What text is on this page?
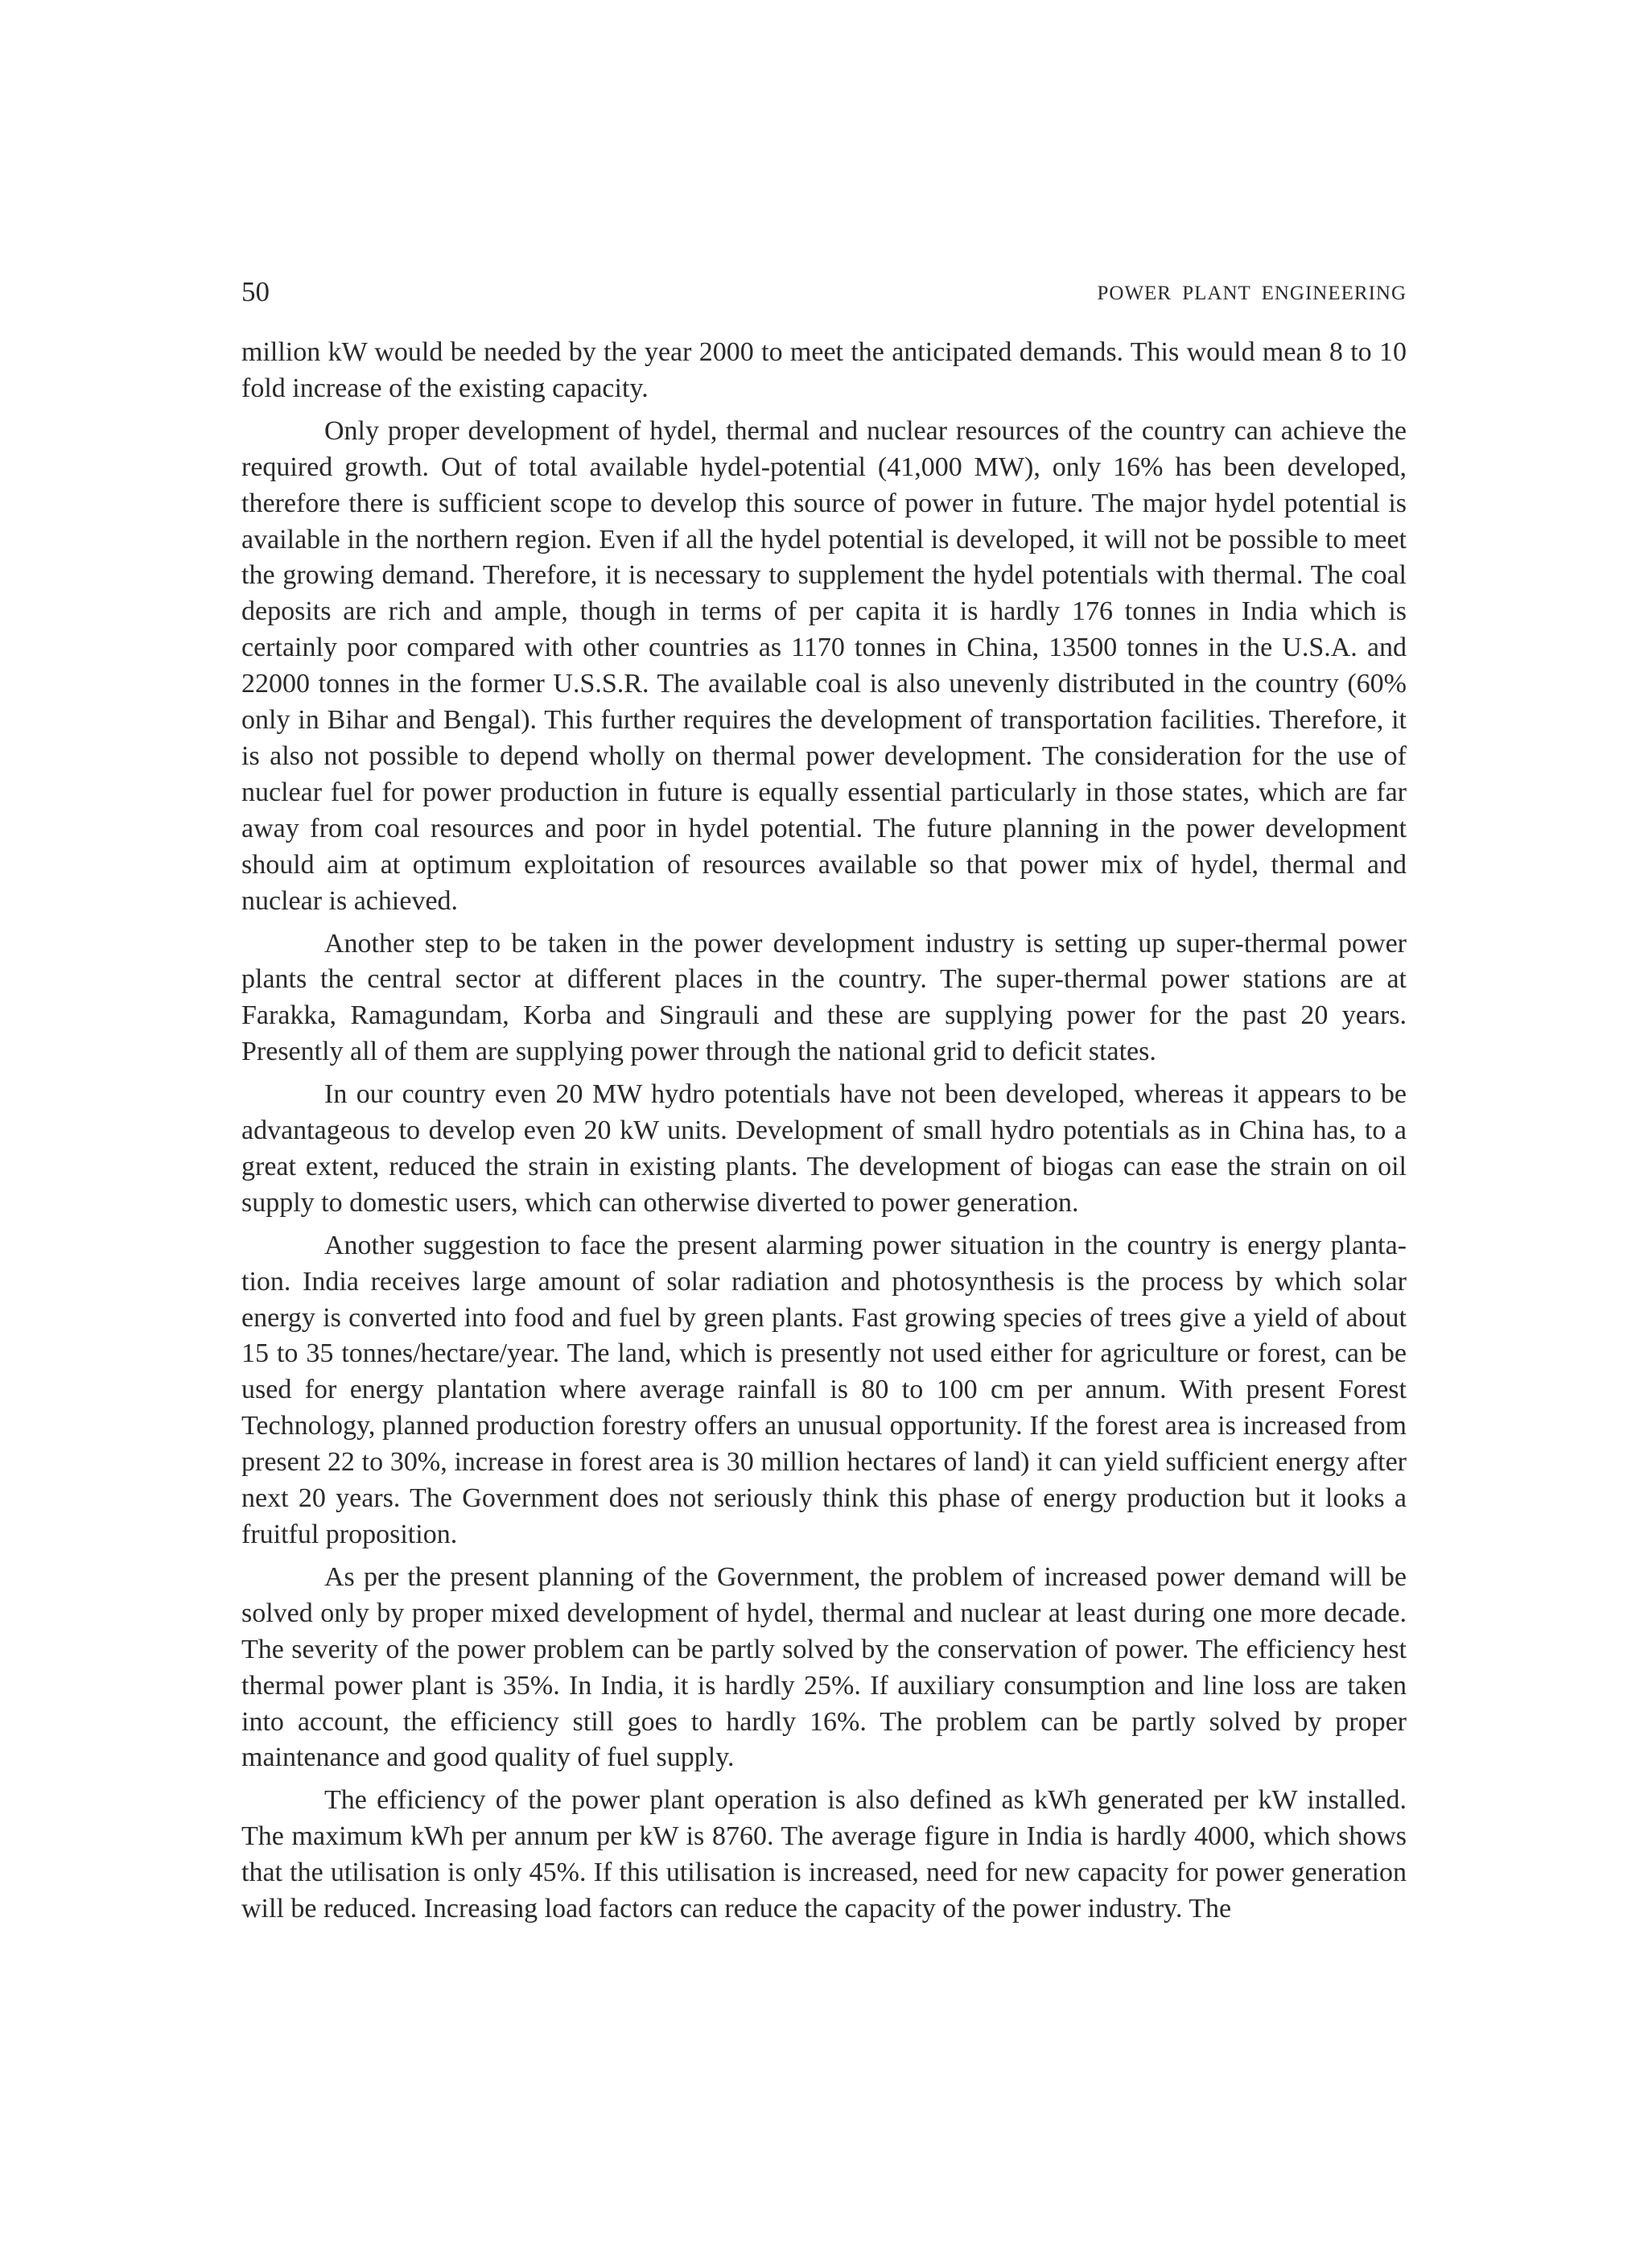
50	POWER PLANT ENGINEERING

million kW would be needed by the year 2000 to meet the anticipated demands. This would mean 8 to 10 fold increase of the existing capacity.

Only proper development of hydel, thermal and nuclear resources of the country can achieve the required growth. Out of total available hydel-potential (41,000 MW), only 16% has been developed, therefore there is sufficient scope to develop this source of power in future. The major hydel potential is available in the northern region. Even if all the hydel potential is developed, it will not be possible to meet the growing demand. Therefore, it is necessary to supplement the hydel potentials with thermal. The coal deposits are rich and ample, though in terms of per capita it is hardly 176 tonnes in India which is certainly poor compared with other countries as 1170 tonnes in China, 13500 tonnes in the U.S.A. and 22000 tonnes in the former U.S.S.R. The available coal is also unevenly distributed in the country (60% only in Bihar and Bengal). This further requires the development of transportation facilities. Therefore, it is also not possible to depend wholly on thermal power development. The consideration for the use of nuclear fuel for power production in future is equally essential particularly in those states, which are far away from coal resources and poor in hydel potential. The future planning in the power development should aim at optimum exploitation of resources available so that power mix of hydel, thermal and nuclear is achieved.

Another step to be taken in the power development industry is setting up super-thermal power plants the central sector at different places in the country. The super-thermal power stations are at Farakka, Ramagundam, Korba and Singrauli and these are supplying power for the past 20 years. Presently all of them are supplying power through the national grid to deficit states.

In our country even 20 MW hydro potentials have not been developed, whereas it appears to be advantageous to develop even 20 kW units. Development of small hydro potentials as in China has, to a great extent, reduced the strain in existing plants. The development of biogas can ease the strain on oil supply to domestic users, which can otherwise diverted to power generation.

Another suggestion to face the present alarming power situation in the country is energy plantation. India receives large amount of solar radiation and photosynthesis is the process by which solar energy is converted into food and fuel by green plants. Fast growing species of trees give a yield of about 15 to 35 tonnes/hectare/year. The land, which is presently not used either for agriculture or forest, can be used for energy plantation where average rainfall is 80 to 100 cm per annum. With present Forest Technology, planned production forestry offers an unusual opportunity. If the forest area is increased from present 22 to 30%, increase in forest area is 30 million hectares of land) it can yield sufficient energy after next 20 years. The Government does not seriously think this phase of energy production but it looks a fruitful proposition.

As per the present planning of the Government, the problem of increased power demand will be solved only by proper mixed development of hydel, thermal and nuclear at least during one more decade. The severity of the power problem can be partly solved by the conservation of power. The efficiency hest thermal power plant is 35%. In India, it is hardly 25%. If auxiliary consumption and line loss are taken into account, the efficiency still goes to hardly 16%. The problem can be partly solved by proper maintenance and good quality of fuel supply.

The efficiency of the power plant operation is also defined as kWh generated per kW installed. The maximum kWh per annum per kW is 8760. The average figure in India is hardly 4000, which shows that the utilisation is only 45%. If this utilisation is increased, need for new capacity for power generation will be reduced. Increasing load factors can reduce the capacity of the power industry. The
